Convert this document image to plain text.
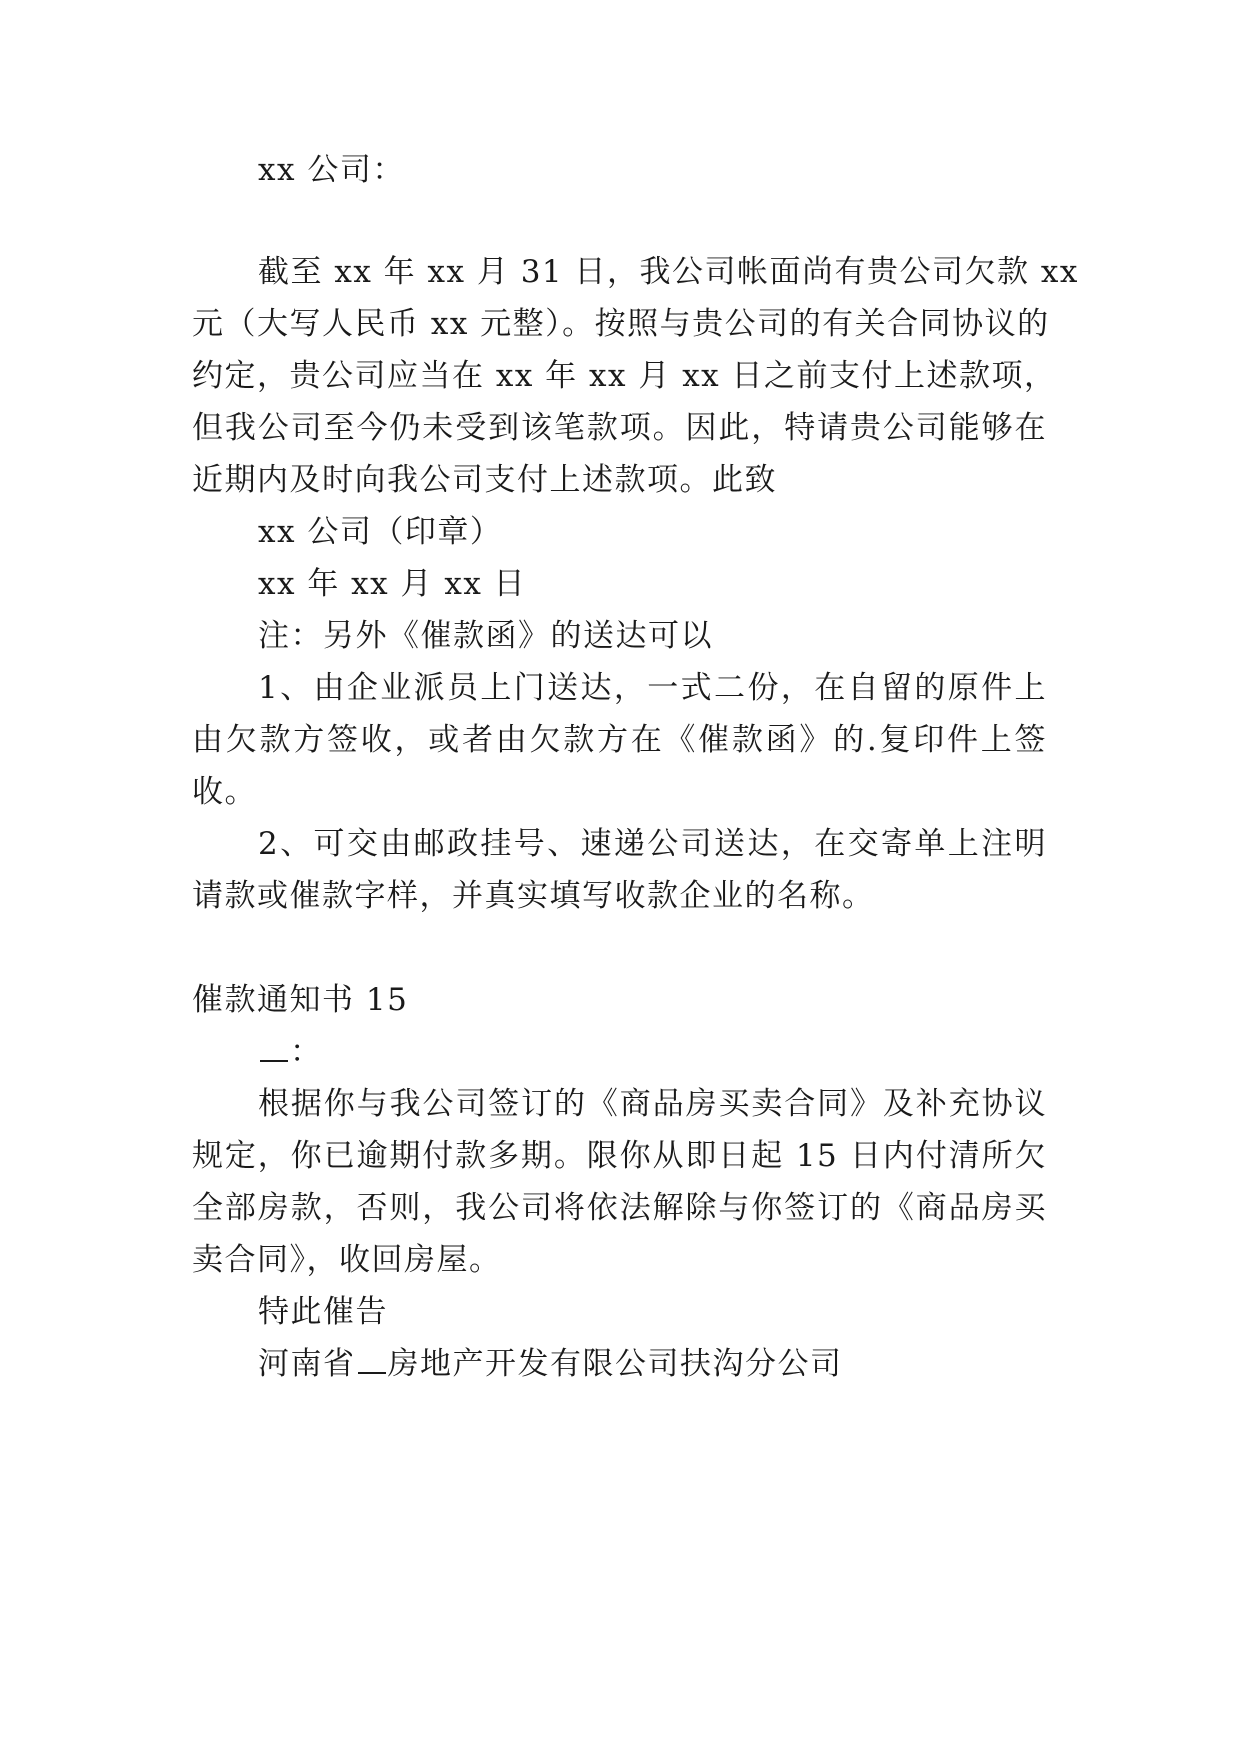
xx 公司：
截至 xx 年 xx 月 31 日，我公司帐面尚有贵公司欠款 xx
元（大写人民币 xx 元整）。按照与贵公司的有关合同协议的
约定，贵公司应当在 xx 年 xx 月 xx 日之前支付上述款项，
但我公司至今仍未受到该笔款项。因此，特请贵公司能够在
近期内及时向我公司支付上述款项。此致
xx 公司（印章）
xx 年 xx 月 xx 日
注：另外《催款函》的送达可以
1、由企业派员上门送达，一式二份，在自留的原件上
由欠款方签收，或者由欠款方在《催款函》的.复印件上签
收。
2、可交由邮政挂号、速递公司送达，在交寄单上注明
请款或催款字样，并真实填写收款企业的名称。
催款通知书 15
：
根据你与我公司签订的《商品房买卖合同》及补充协议
规定，你已逾期付款多期。限你从即日起 15 日内付清所欠
全部房款，否则，我公司将依法解除与你签订的《商品房买
卖合同》，收回房屋。
特此催告
河南省 房地产开发有限公司扶沟分公司
